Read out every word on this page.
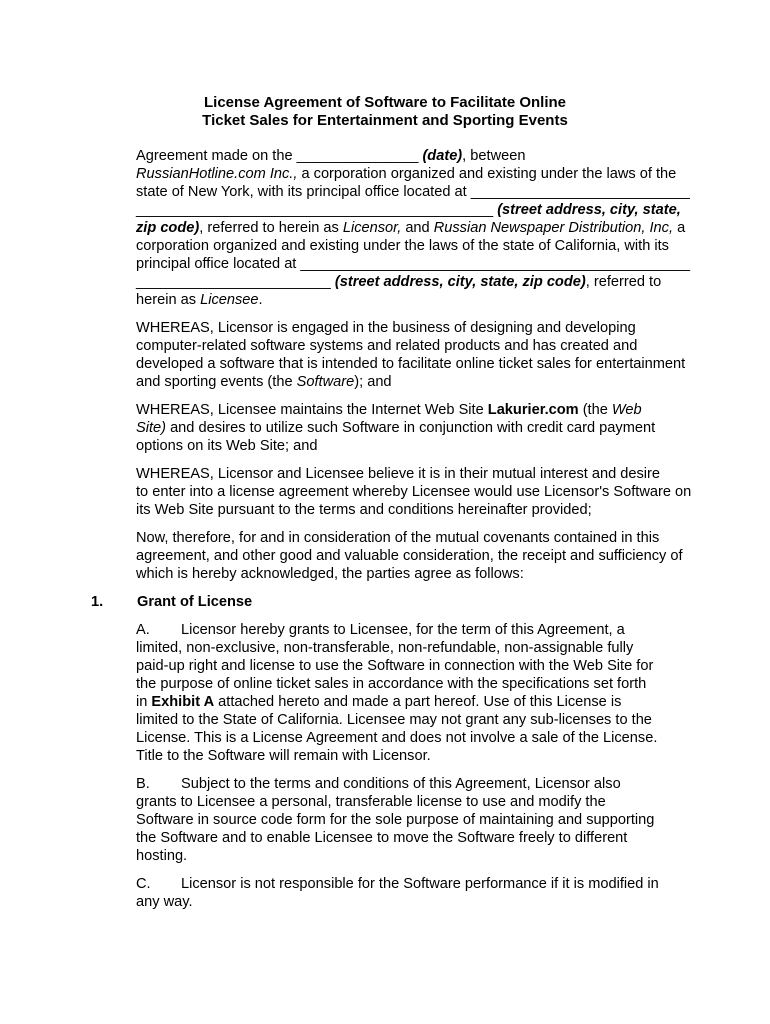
License Agreement of Software to Facilitate Online
Ticket Sales for Entertainment and Sporting Events
Agreement made on the _______________ (date), between
RussianHotline.com Inc., a corporation organized and existing under the laws of the
state of New York, with its principal office located at ___________________________
____________________________________________ (street address, city, state,
zip code), referred to herein as Licensor, and Russian Newspaper Distribution, Inc, a
corporation organized and existing under the laws of the state of California, with its
principal office located at ________________________________________________
________________________ (street address, city, state, zip code), referred to
herein as Licensee.
WHEREAS, Licensor is engaged in the business of designing and developing
computer-related software systems and related products and has created and
developed a software that is intended to facilitate online ticket sales for entertainment
and sporting events (the Software); and
WHEREAS, Licensee maintains the Internet Web Site Lakurier.com (the Web
Site) and desires to utilize such Software in conjunction with credit card payment
options on its Web Site; and
WHEREAS, Licensor and Licensee believe it is in their mutual interest and desire
to enter into a license agreement whereby Licensee would use Licensor's Software on
its Web Site pursuant to the terms and conditions hereinafter provided;
Now, therefore, for and in consideration of the mutual covenants contained in this
agreement, and other good and valuable consideration, the receipt and sufficiency of
which is hereby acknowledged, the parties agree as follows:
1. Grant of License
A. Licensor hereby grants to Licensee, for the term of this Agreement, a
limited, non-exclusive, non-transferable, non-refundable, non-assignable fully
paid-up right and license to use the Software in connection with the Web Site for
the purpose of online ticket sales in accordance with the specifications set forth
in Exhibit A attached hereto and made a part hereof. Use of this License is
limited to the State of California. Licensee may not grant any sub-licenses to the
License. This is a License Agreement and does not involve a sale of the License.
Title to the Software will remain with Licensor.
B. Subject to the terms and conditions of this Agreement, Licensor also
grants to Licensee a personal, transferable license to use and modify the
Software in source code form for the sole purpose of maintaining and supporting
the Software and to enable Licensee to move the Software freely to different
hosting.
C. Licensor is not responsible for the Software performance if it is modified in
any way.
